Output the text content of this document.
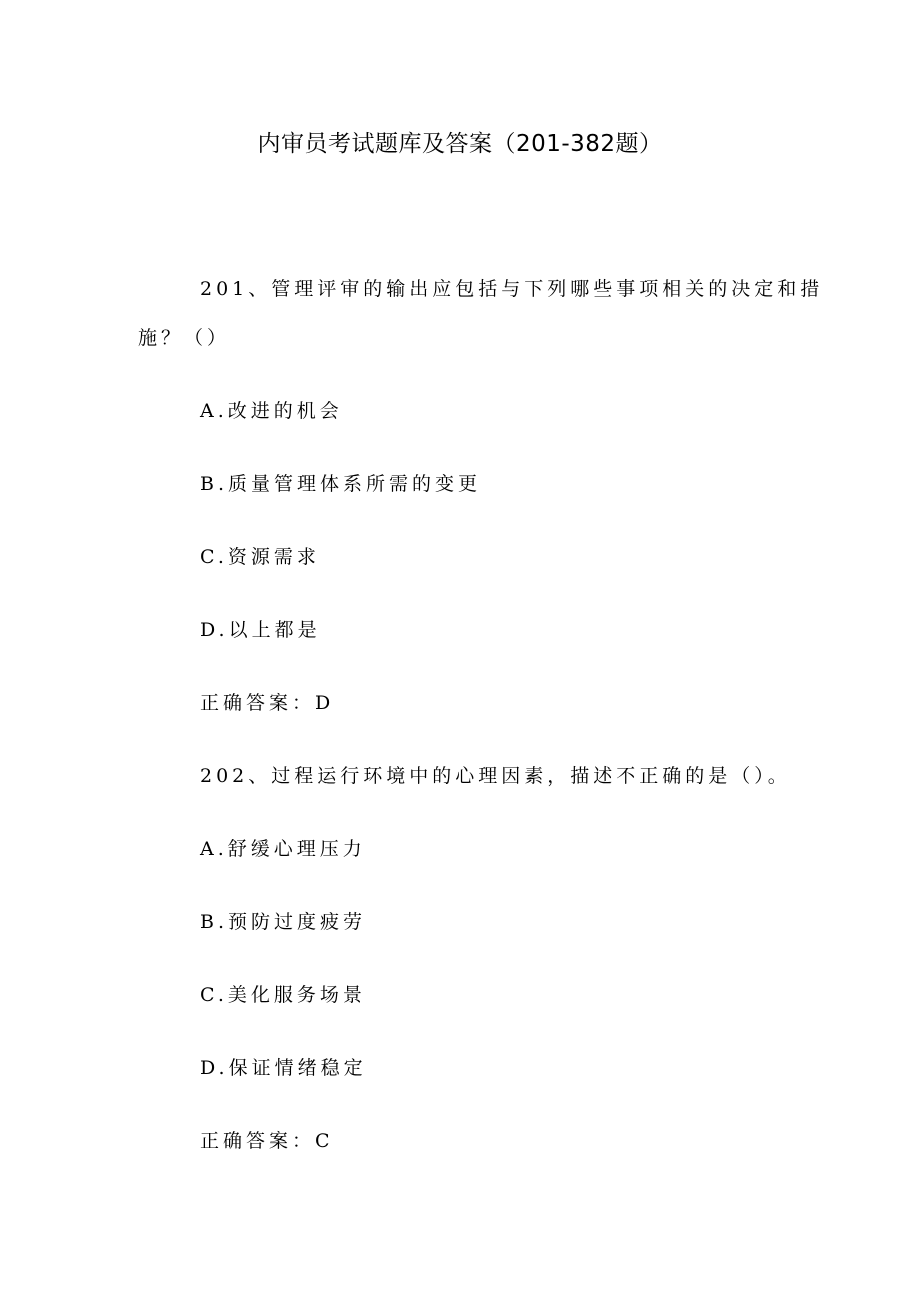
内审员考试题库及答案（201-382题）

201、管理评审的输出应包括与下列哪些事项相关的决定和措

施？（）

A.改进的机会

B.质量管理体系所需的变更

C.资源需求

D.以上都是

正确答案：D

202、过程运行环境中的心理因素，描述不正确的是（）。

A.舒缓心理压力

B.预防过度疲劳

C.美化服务场景

D.保证情绪稳定

正确答案：C
